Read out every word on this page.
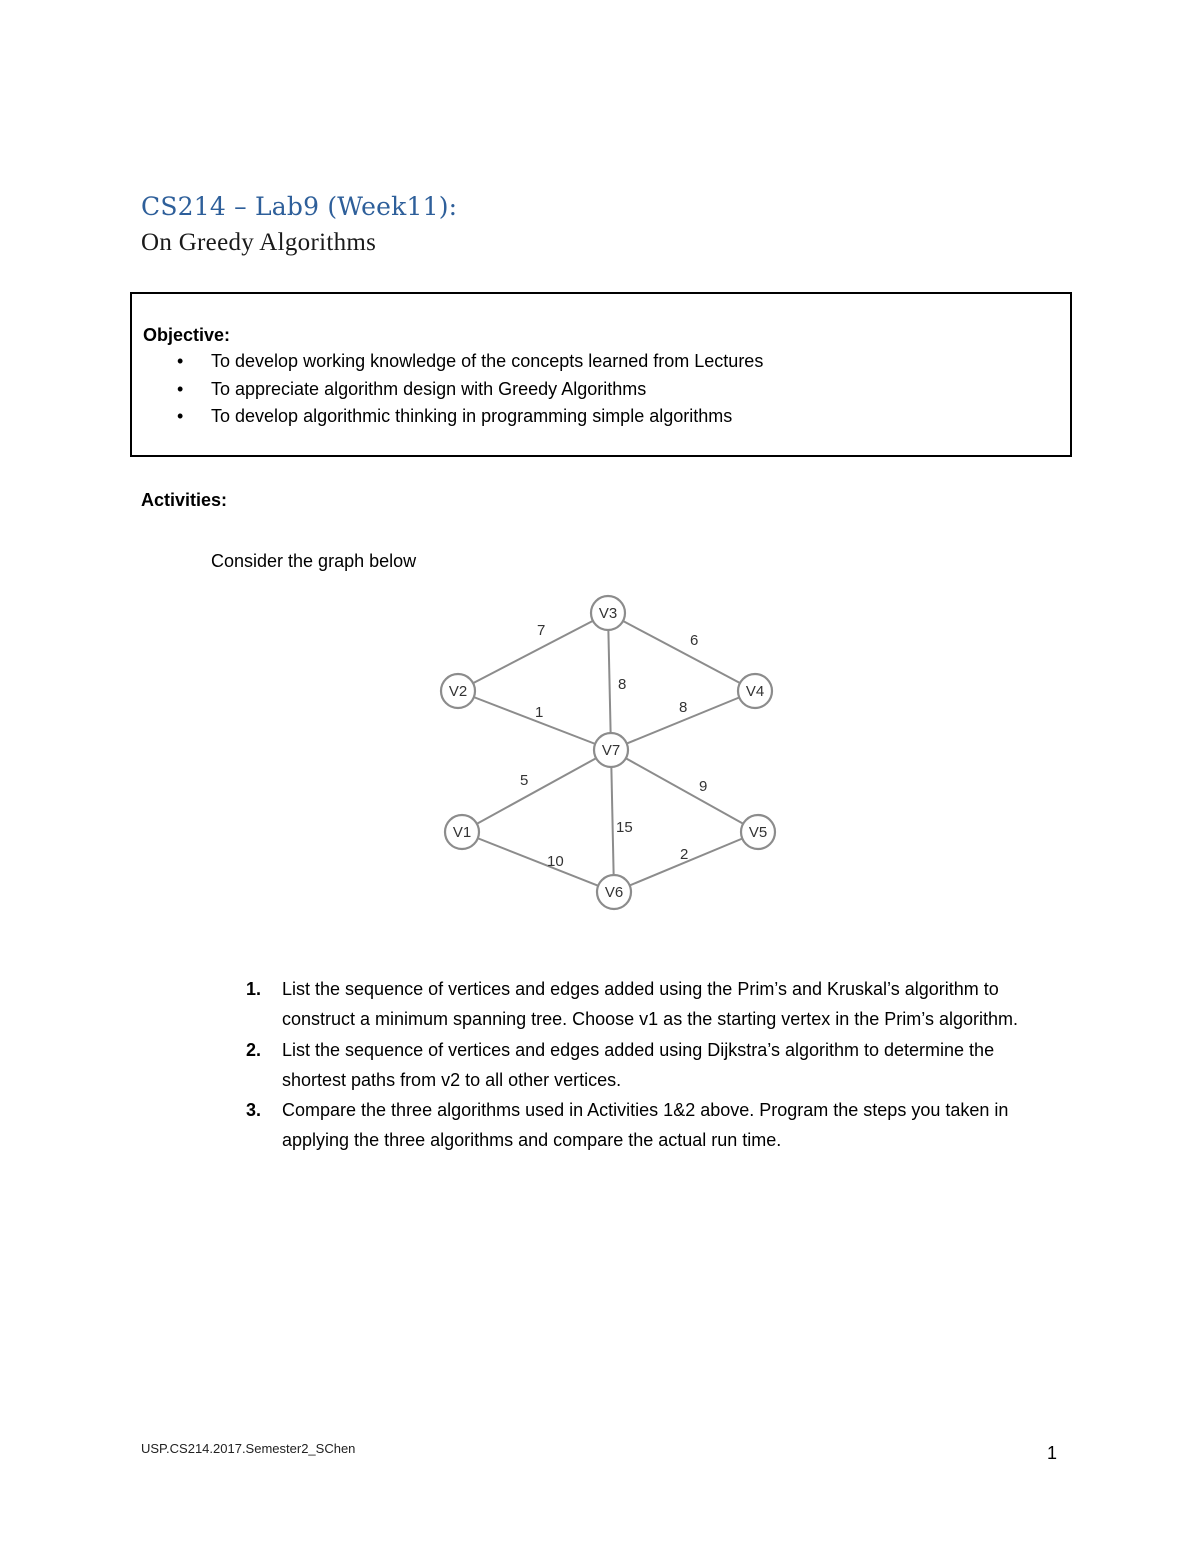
CS214 – Lab9 (Week11):
On Greedy Algorithms
Objective:
• To develop working knowledge of the concepts learned from Lectures
• To appreciate algorithm design with Greedy Algorithms
• To develop algorithmic thinking in programming simple algorithms
Activities:
Consider the graph below
7
6
8
1	8
5	9
15
10	2
V3
V2	V4
V7
V1	V5
V6
1. List the sequence of vertices and edges added using the Prim’s and Kruskal’s algorithm to construct a minimum spanning tree. Choose v1 as the starting vertex in the Prim’s algorithm.
2. List the sequence of vertices and edges added using Dijkstra’s algorithm to determine the shortest paths from v2 to all other vertices.
3. Compare the three algorithms used in Activities 1&2 above. Program the steps you taken in applying the three algorithms and compare the actual run time.
USP.CS214.2017.Semester2_SChen	1
